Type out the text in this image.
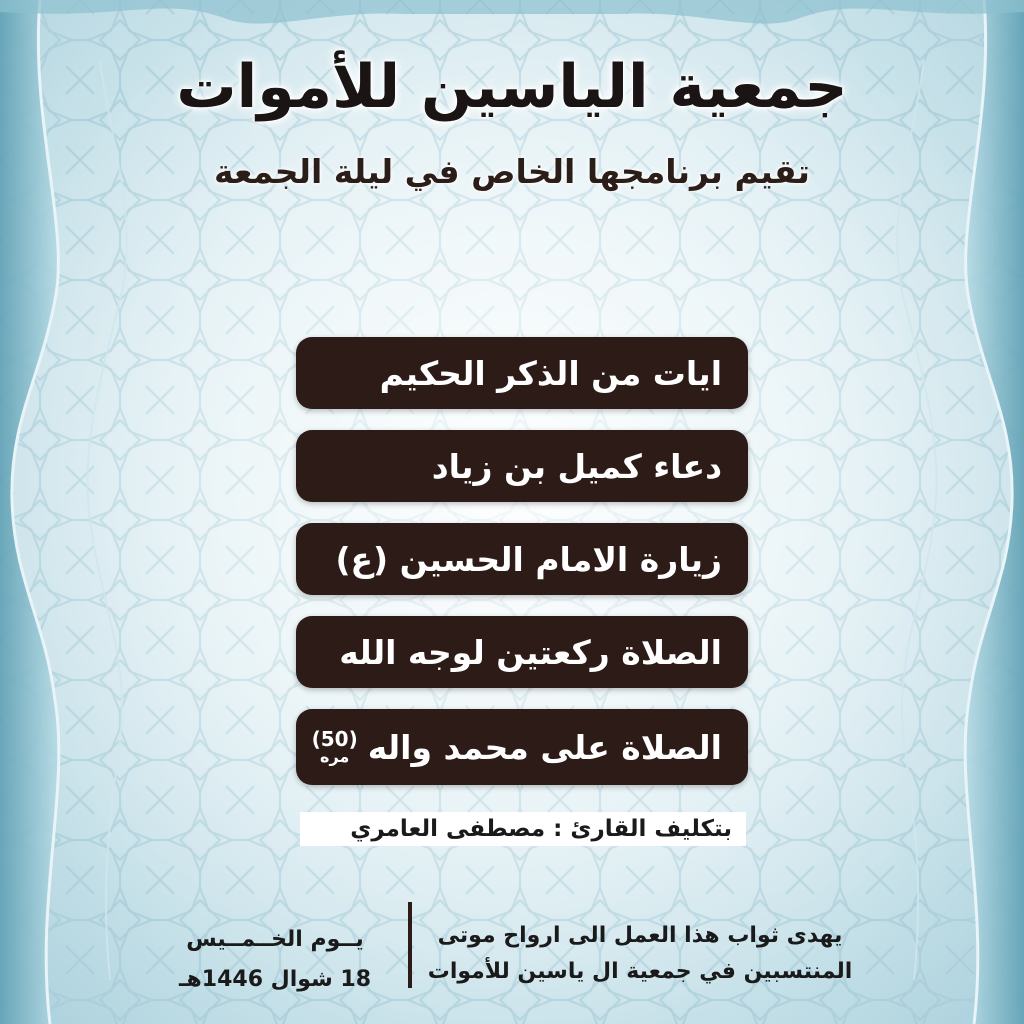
جمعية الياسين للأموات
تقيم برنامجها الخاص في ليلة الجمعة
ايات من الذكر الحكيم
دعاء كميل بن زياد
زيارة الامام الحسين (ع)
الصلاة ركعتين لوجه الله
الصلاة على محمد واله
(50)
مره
بتكليف القارئ : مصطفى العامري
يهدى ثواب هذا العمل الى ارواح موتى
المنتسبين في جمعية ال ياسين للأموات
يــوم الخــمــيس
18 شوال 1446هـ
